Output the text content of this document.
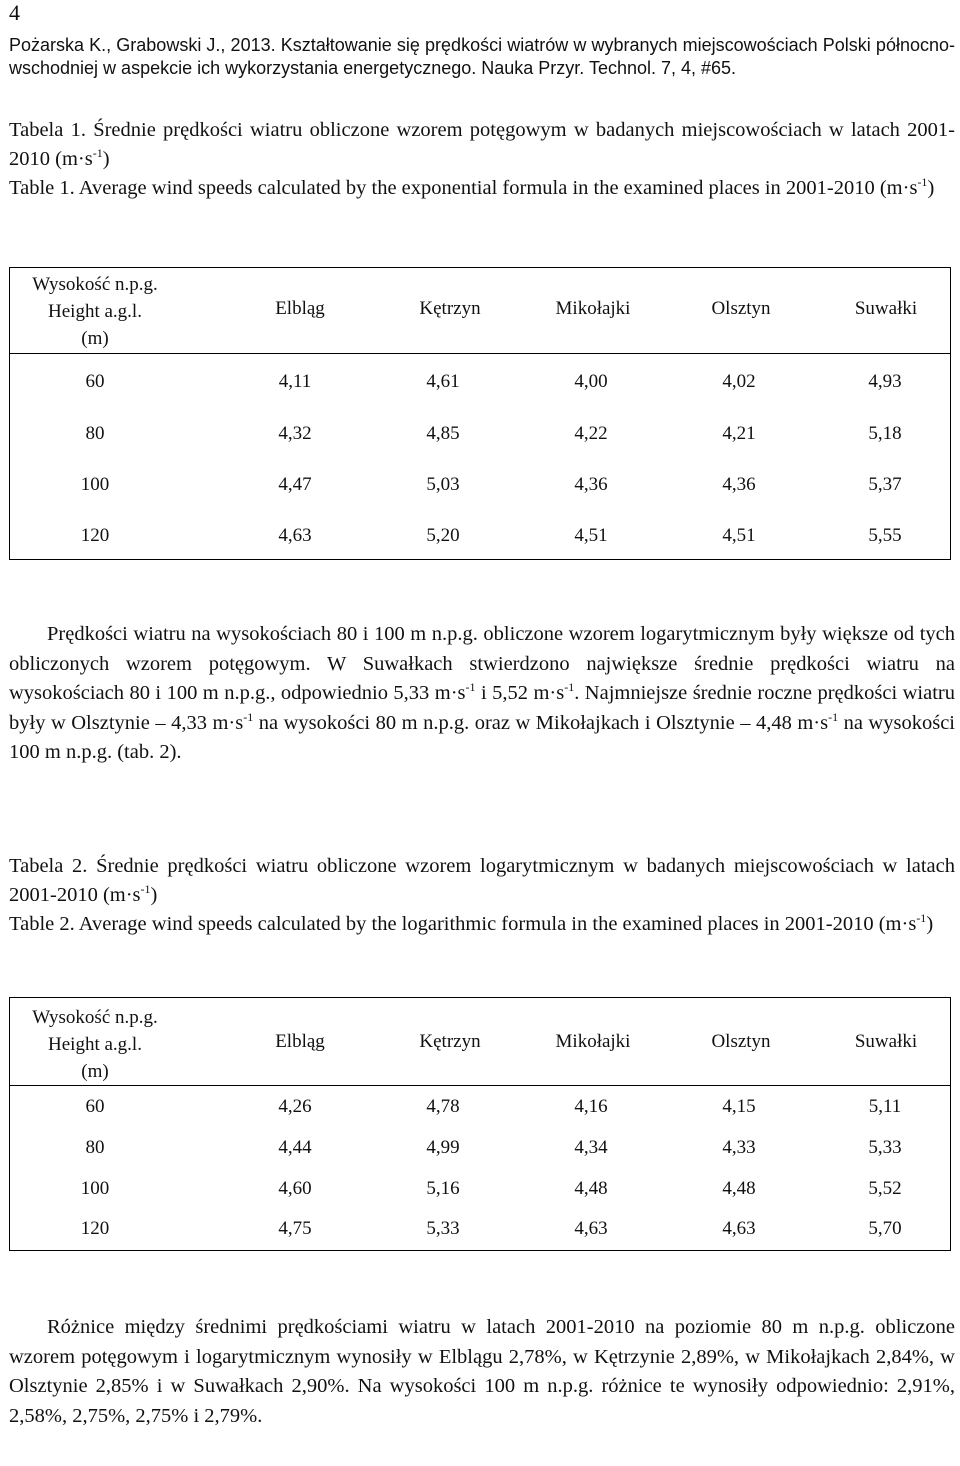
4
Pożarska K., Grabowski J., 2013. Kształtowanie się prędkości wiatrów w wybranych miejscowościach Polski północno-wschodniej w aspekcie ich wykorzystania energetycznego. Nauka Przyr. Technol. 7, 4, #65.

Tabela 1. Średnie prędkości wiatru obliczone wzorem potęgowym w badanych miejscowościach w latach 2001-2010 $(m\cdot s^{-1})$

Table 1. Average wind speeds calculated by the exponential formula in the examined places in 2001-2010 $(m\cdot s^{-1})$

Wysokość n.p.g.
Height a.g.l.
(m)
Elbląg	Kętrzyn	Mikołajki	Olsztyn	Suwałki
60	4,11	4,61	4,00	4,02	4,93
80	4,32	4,85	4,22	4,21	5,18
100	4,47	5,03	4,36	4,36	5,37
120	4,63	5,20	4,51	4,51	5,55

Prędkości wiatru na wysokościach 80 i 100 m n.p.g. obliczone wzorem logarytmicznym były większe od tych obliczonych wzorem potęgowym. W Suwałkach stwierdzono największe średnie prędkości wiatru na wysokościach 80 i 100 m n.p.g., odpowiednio 5,33 $m\cdot s^{-1}$ i 5,52 $m\cdot s^{-1}$. Najmniejsze średnie roczne prędkości wiatru były w Olsztynie – 4,33 $m\cdot s^{-1}$ na wysokości 80 m n.p.g. oraz w Mikołajkach i Olsztynie – 4,48 $m\cdot s^{-1}$ na wysokości 100 m n.p.g. (tab. 2).

Tabela 2. Średnie prędkości wiatru obliczone wzorem logarytmicznym w badanych miejscowościach w latach 2001-2010 $(m\cdot s^{-1})$

Table 2. Average wind speeds calculated by the logarithmic formula in the examined places in 2001-2010 $(m\cdot s^{-1})$

Wysokość n.p.g.
Height a.g.l.
(m)
Elbląg	Kętrzyn	Mikołajki	Olsztyn	Suwałki
60	4,26	4,78	4,16	4,15	5,11
80	4,44	4,99	4,34	4,33	5,33
100	4,60	5,16	4,48	4,48	5,52
120	4,75	5,33	4,63	4,63	5,70
Różnice między średnimi prędkościami wiatru w latach 2001-2010 na poziomie 80 m n.p.g. obliczone wzorem potęgowym i logarytmicznym wynosiły w Elblągu 2,78%, w Kętrzynie 2,89%, w Mikołajkach 2,84%, w Olsztynie 2,85% i w Suwałkach 2,90%. Na wysokości 100 m n.p.g. różnice te wynosiły odpowiednio: 2,91%, 2,58%, 2,75%, 2,75% i 2,79%.
